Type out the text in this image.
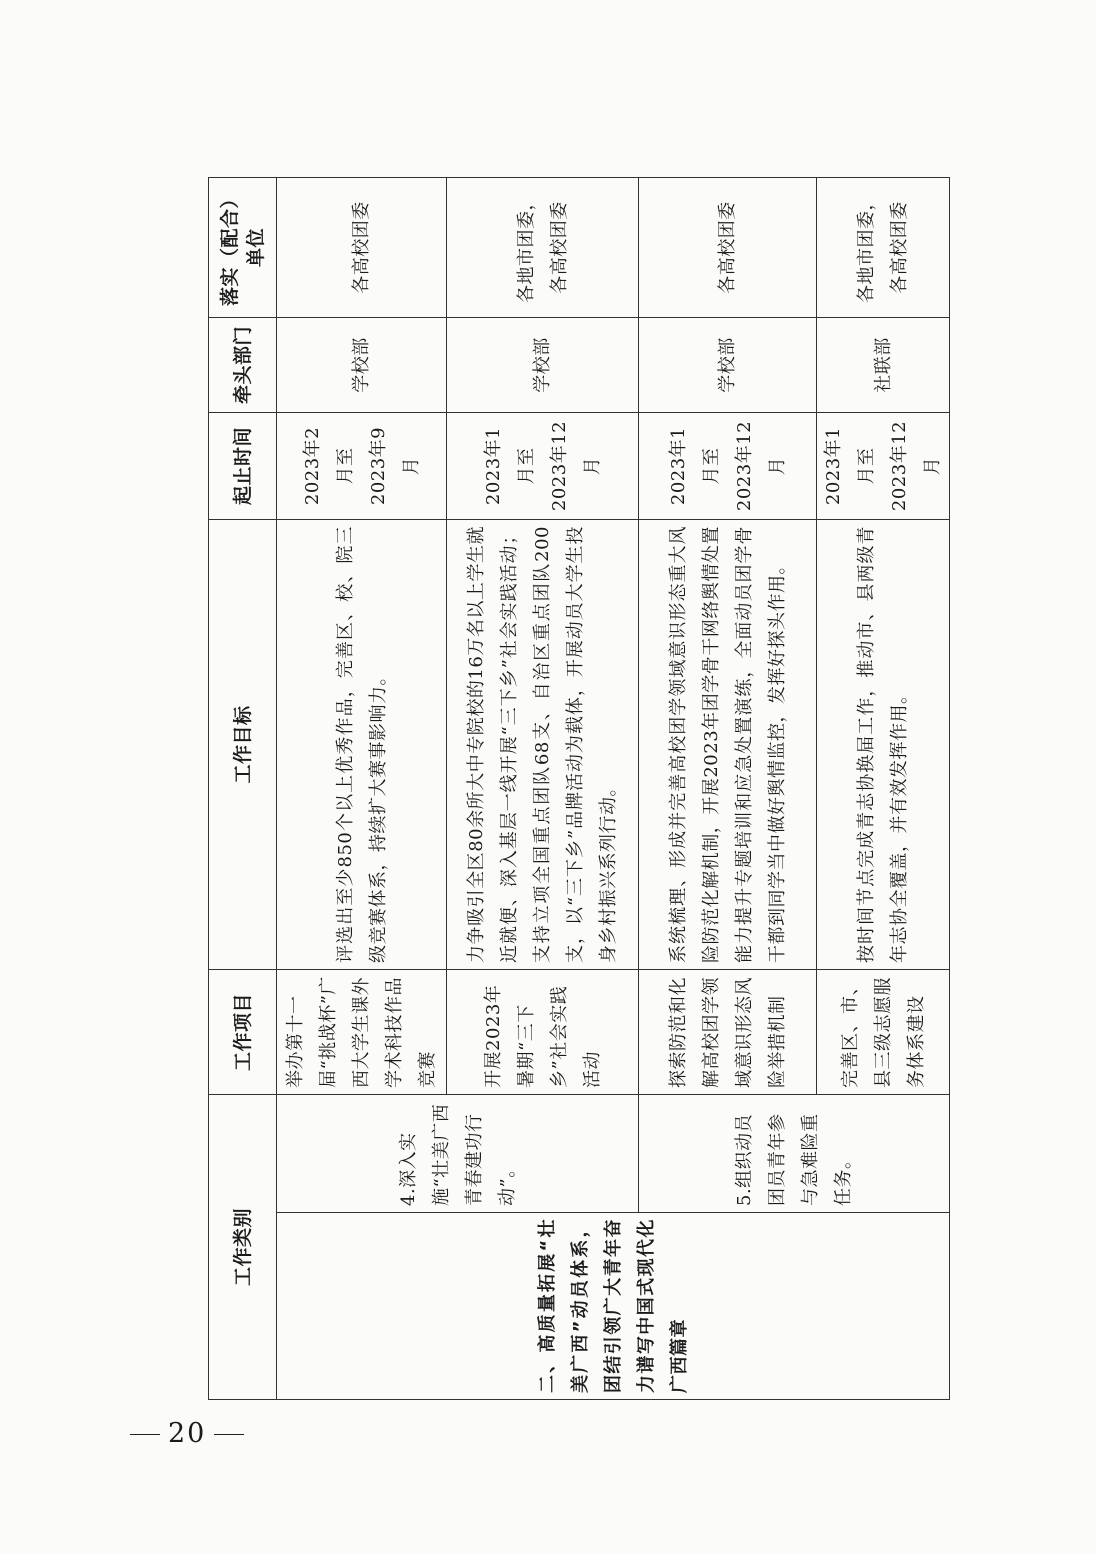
工作类别		工作项目	工作目标	起止时间	牵头部门	落实（配合）单位
二、高质量拓展“壮美广西”动员体系，团结引领广大青年奋力谱写中国式现代化广西篇章	4.深入实施“壮美广西青春建功行动”。	举办第十一届“挑战杯”广西大学生课外学术科技作品竞赛	评选出至少850个以上优秀作品，完善区、校、院三级竞赛体系，持续扩大赛事影响力。	2023年2月至 2023年9月	学校部	各高校团委
		开展2023年暑期“三下乡”社会实践活动	力争吸引全区80余所大中专院校的16万名以上学生就近就便、深入基层一线开展“三下乡”社会实践活动；支持立项全国重点团队68支、自治区重点团队200支，以“三下乡”品牌活动为载体，开展动员大学生投身乡村振兴系列行动。	2023年1月至 2023年12月	学校部	各地市团委，各高校团委
	5.组织动员团员青年参与急难险重任务。	探索防范和化解高校团学领域意识形态风险举措机制	系统梳理、形成并完善高校团学领域意识形态重大风险防范化解机制，开展2023年团学骨干网络舆情处置能力提升专题培训和应急处置演练，全面动员团学骨干都到同学当中做好舆情监控，发挥好探头作用。	2023年1月至 2023年12月	学校部	各高校团委
		完善区、市、县三级志愿服务体系建设	按时间节点完成青志协换届工作，推动市、县两级青年志协全覆盖，并有效发挥作用。	2023年1月至 2023年12月	社联部	各地市团委，各高校团委
20
